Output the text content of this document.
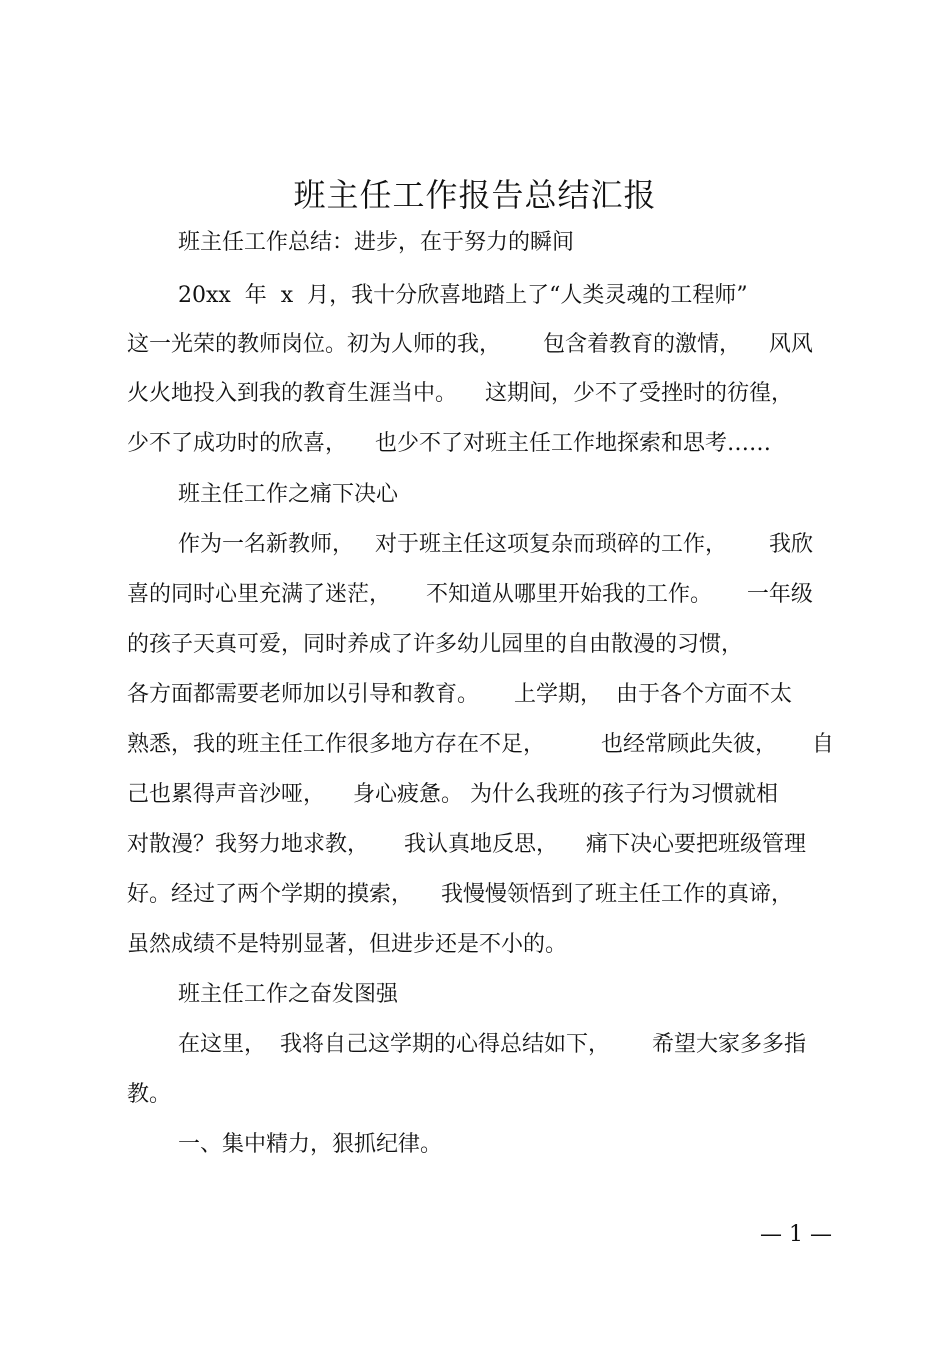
班主任工作报告总结汇报
班主任工作总结：进步，在于努力的瞬间
20xx  年  x  月，我十分欣喜地踏上了“人类灵魂的工程师”
这一光荣的教师岗位。初为人师的我，      包含着教育的激情，    风风
火火地投入到我的教育生涯当中。    这期间，少不了受挫时的彷徨，
少不了成功时的欣喜，    也少不了对班主任工作地探索和思考……
班主任工作之痛下决心
作为一名新教师，   对于班主任这项复杂而琐碎的工作，      我欣
喜的同时心里充满了迷茫，     不知道从哪里开始我的工作。     一年级
的孩子天真可爱，同时养成了许多幼儿园里的自由散漫的习惯，
各方面都需要老师加以引导和教育。     上学期，  由于各个方面不太
熟悉，我的班主任工作很多地方存在不足，        也经常顾此失彼，     自
己也累得声音沙哑，    身心疲惫。 为什么我班的孩子行为习惯就相
对散漫？我努力地求教，     我认真地反思，    痛下决心要把班级管理
好。经过了两个学期的摸索，    我慢慢领悟到了班主任工作的真谛，
虽然成绩不是特别显著，但进步还是不小的。
班主任工作之奋发图强
在这里，  我将自己这学期的心得总结如下，      希望大家多多指
教。
一、集中精力，狠抓纪律。
— 1 —
